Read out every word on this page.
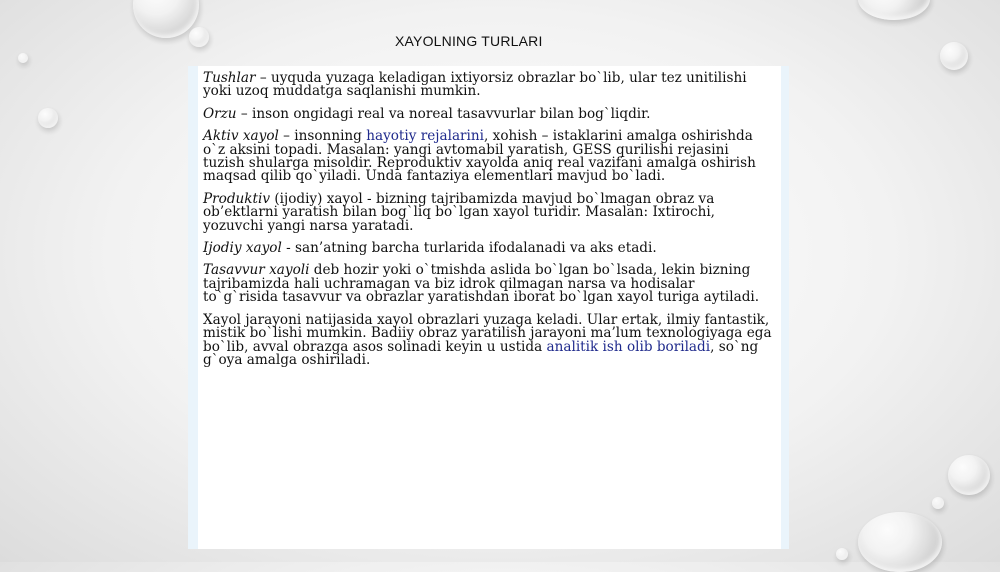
XAYOLNING TURLARI

Tushlar – uyquda yuzaga keladigan ixtiyorsiz obrazlar bo`lib, ular tez unitilishi yoki uzoq muddatga saqlanishi mumkin.

Orzu – inson ongidagi real va noreal tasavvurlar bilan bog`liqdir.

Aktiv xayol – insonning hayotiy rejalarini, xohish – istaklarini amalga oshirishda o`z aksini topadi. Masalan: yangi avtomabil yaratish, GESS qurilishi rejasini tuzish shularga misoldir. Reproduktiv xayolda aniq real vazifani amalga oshirish maqsad qilib qo`yiladi. Unda fantaziya elementlari mavjud bo`ladi.

Produktiv (ijodiy) xayol - bizning tajribamizda mavjud bo`lmagan obraz va ob’ektlarni yaratish bilan bog`liq bo`lgan xayol turidir. Masalan: Ixtirochi, yozuvchi yangi narsa yaratadi.

Ijodiy xayol - san’atning barcha turlarida ifodalanadi va aks etadi.

Tasavvur xayoli deb hozir yoki o`tmishda aslida bo`lgan bo`lsada, lekin bizning tajribamizda hali uchramagan va biz idrok qilmagan narsa va hodisalar to`g`risida tasavvur va obrazlar yaratishdan iborat bo`lgan xayol turiga aytiladi.

Xayol jarayoni natijasida xayol obrazlari yuzaga keladi. Ular ertak, ilmiy fantastik, mistik bo`lishi mumkin. Badiiy obraz yaratilish jarayoni ma’lum texnologiyaga ega bo`lib, avval obrazga asos solinadi keyin u ustida analitik ish olib boriladi, so`ng g`oya amalga oshiriladi.
